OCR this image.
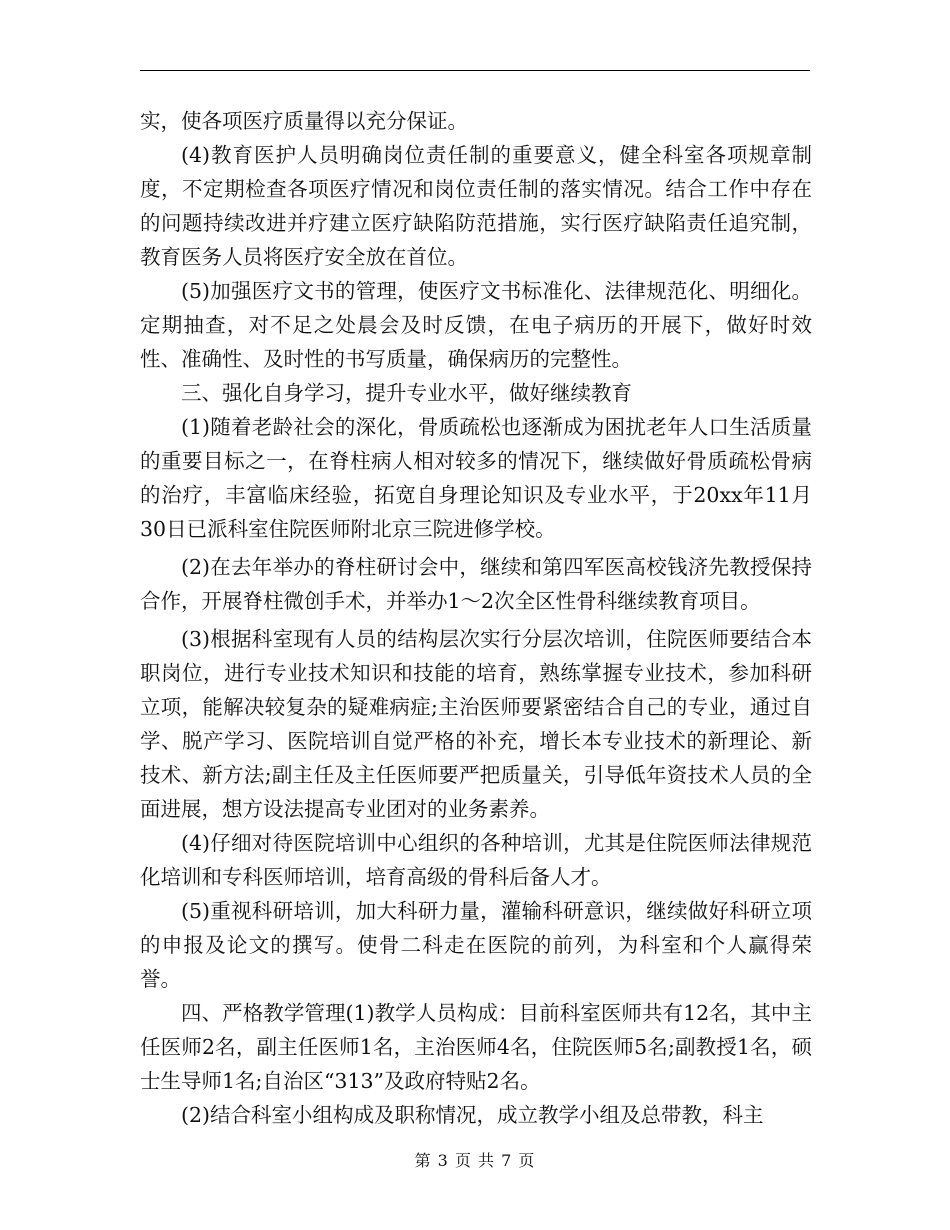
实，使各项医疗质量得以充分保证。

(4)教育医护人员明确岗位责任制的重要意义，健全科室各项规章制度，不定期检查各项医疗情况和岗位责任制的落实情况。结合工作中存在的问题持续改进并疗建立医疗缺陷防范措施，实行医疗缺陷责任追究制，教育医务人员将医疗安全放在首位。

(5)加强医疗文书的管理，使医疗文书标准化、法律规范化、明细化。定期抽查，对不足之处晨会及时反馈，在电子病历的开展下，做好时效性、准确性、及时性的书写质量，确保病历的完整性。

三、强化自身学习，提升专业水平，做好继续教育

(1)随着老龄社会的深化，骨质疏松也逐渐成为困扰老年人口生活质量的重要目标之一，在脊柱病人相对较多的情况下，继续做好骨质疏松骨病的治疗，丰富临床经验，拓宽自身理论知识及专业水平，于20xx年11月30日已派科室住院医师附北京三院进修学校。

(2)在去年举办的脊柱研讨会中，继续和第四军医高校钱济先教授保持合作，开展脊柱微创手术，并举办1～2次全区性骨科继续教育项目。

(3)根据科室现有人员的结构层次实行分层次培训，住院医师要结合本职岗位，进行专业技术知识和技能的培育，熟练掌握专业技术，参加科研立项，能解决较复杂的疑难病症;主治医师要紧密结合自己的专业，通过自学、脱产学习、医院培训自觉严格的补充，增长本专业技术的新理论、新技术、新方法;副主任及主任医师要严把质量关，引导低年资技术人员的全面进展，想方设法提高专业团对的业务素养。

(4)仔细对待医院培训中心组织的各种培训，尤其是住院医师法律规范化培训和专科医师培训，培育高级的骨科后备人才。

(5)重视科研培训，加大科研力量，灌输科研意识，继续做好科研立项的申报及论文的撰写。使骨二科走在医院的前列，为科室和个人赢得荣誉。

四、严格教学管理(1)教学人员构成：目前科室医师共有12名，其中主任医师2名，副主任医师1名，主治医师4名，住院医师5名;副教授1名，硕士生导师1名;自治区“313”及政府特贴2名。

(2)结合科室小组构成及职称情况，成立教学小组及总带教，科主

第 3 页 共 7 页
